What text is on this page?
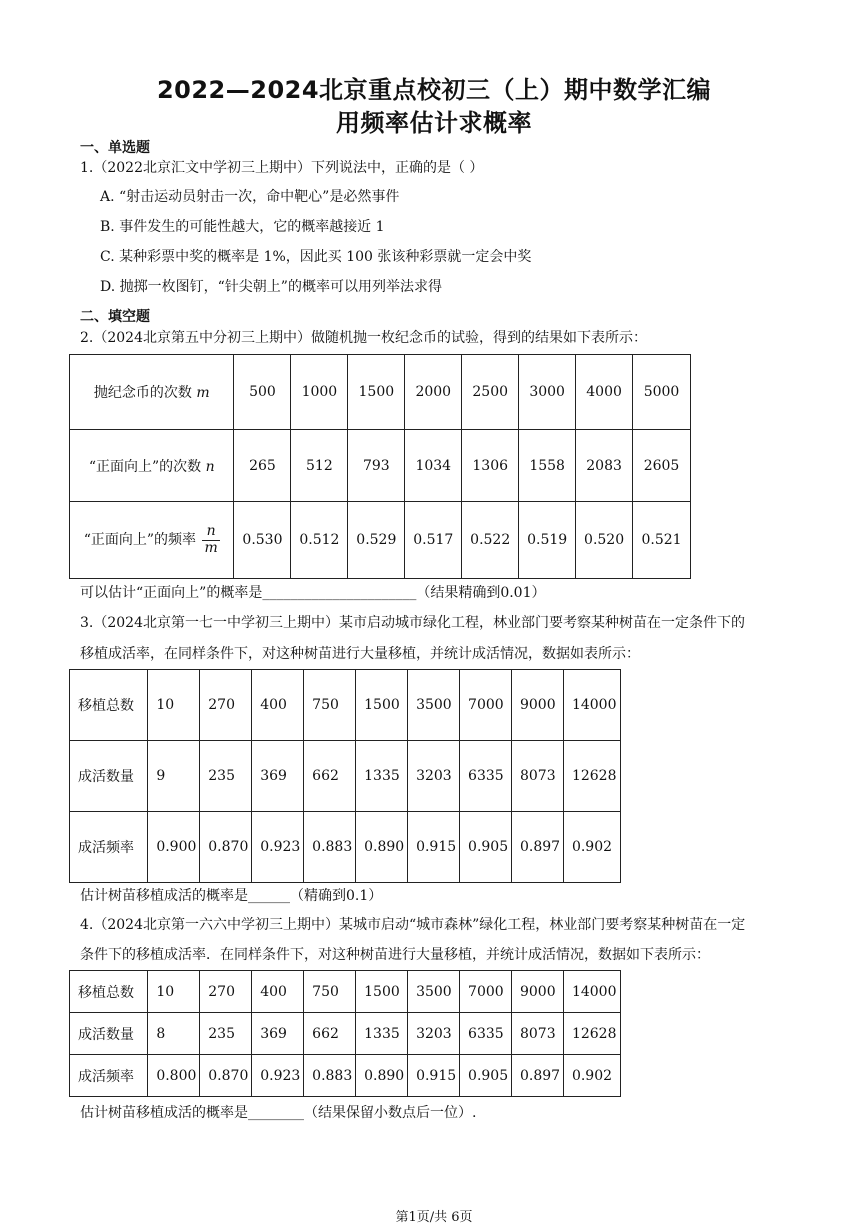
2022—2024北京重点校初三（上）期中数学汇编
用频率估计求概率
一、单选题
1.（2022北京汇文中学初三上期中）下列说法中，正确的是（ ）
A. “射击运动员射击一次，命中靶心”是必然事件
B. 事件发生的可能性越大，它的概率越接近 1
C. 某种彩票中奖的概率是 1%，因此买 100 张该种彩票就一定会中奖
D. 抛掷一枚图钉，“针尖朝上”的概率可以用列举法求得
二、填空题
2.（2024北京第五中分初三上期中）做随机抛一枚纪念币的试验，得到的结果如下表所示：
抛纪念币的次数 m	500	1000	1500	2000	2500	3000	4000	5000
“正面向上”的次数 n	265	512	793	1034	1306	1558	2083	2605
“正面向上”的频率 $\frac{n}{m}$	0.530	0.512	0.529	0.517	0.522	0.519	0.520	0.521
可以估计“正面向上”的概率是______________________（结果精确到0.01）
3.（2024北京第一七一中学初三上期中）某市启动城市绿化工程，林业部门要考察某种树苗在一定条件下的
移植成活率，在同样条件下，对这种树苗进行大量移植，并统计成活情况，数据如表所示：
移植总数	10	270	400	750	1500	3500	7000	9000	14000
成活数量	9	235	369	662	1335	3203	6335	8073	12628
成活频率	0.900	0.870	0.923	0.883	0.890	0.915	0.905	0.897	0.902
估计树苗移植成活的概率是______（精确到0.1）
4.（2024北京第一六六中学初三上期中）某城市启动“城市森林”绿化工程，林业部门要考察某种树苗在一定
条件下的移植成活率．在同样条件下，对这种树苗进行大量移植，并统计成活情况，数据如下表所示：
移植总数	10	270	400	750	1500	3500	7000	9000	14000
成活数量	8	235	369	662	1335	3203	6335	8073	12628
成活频率	0.800	0.870	0.923	0.883	0.890	0.915	0.905	0.897	0.902
估计树苗移植成活的概率是________（结果保留小数点后一位）.
第1页/共 6页
